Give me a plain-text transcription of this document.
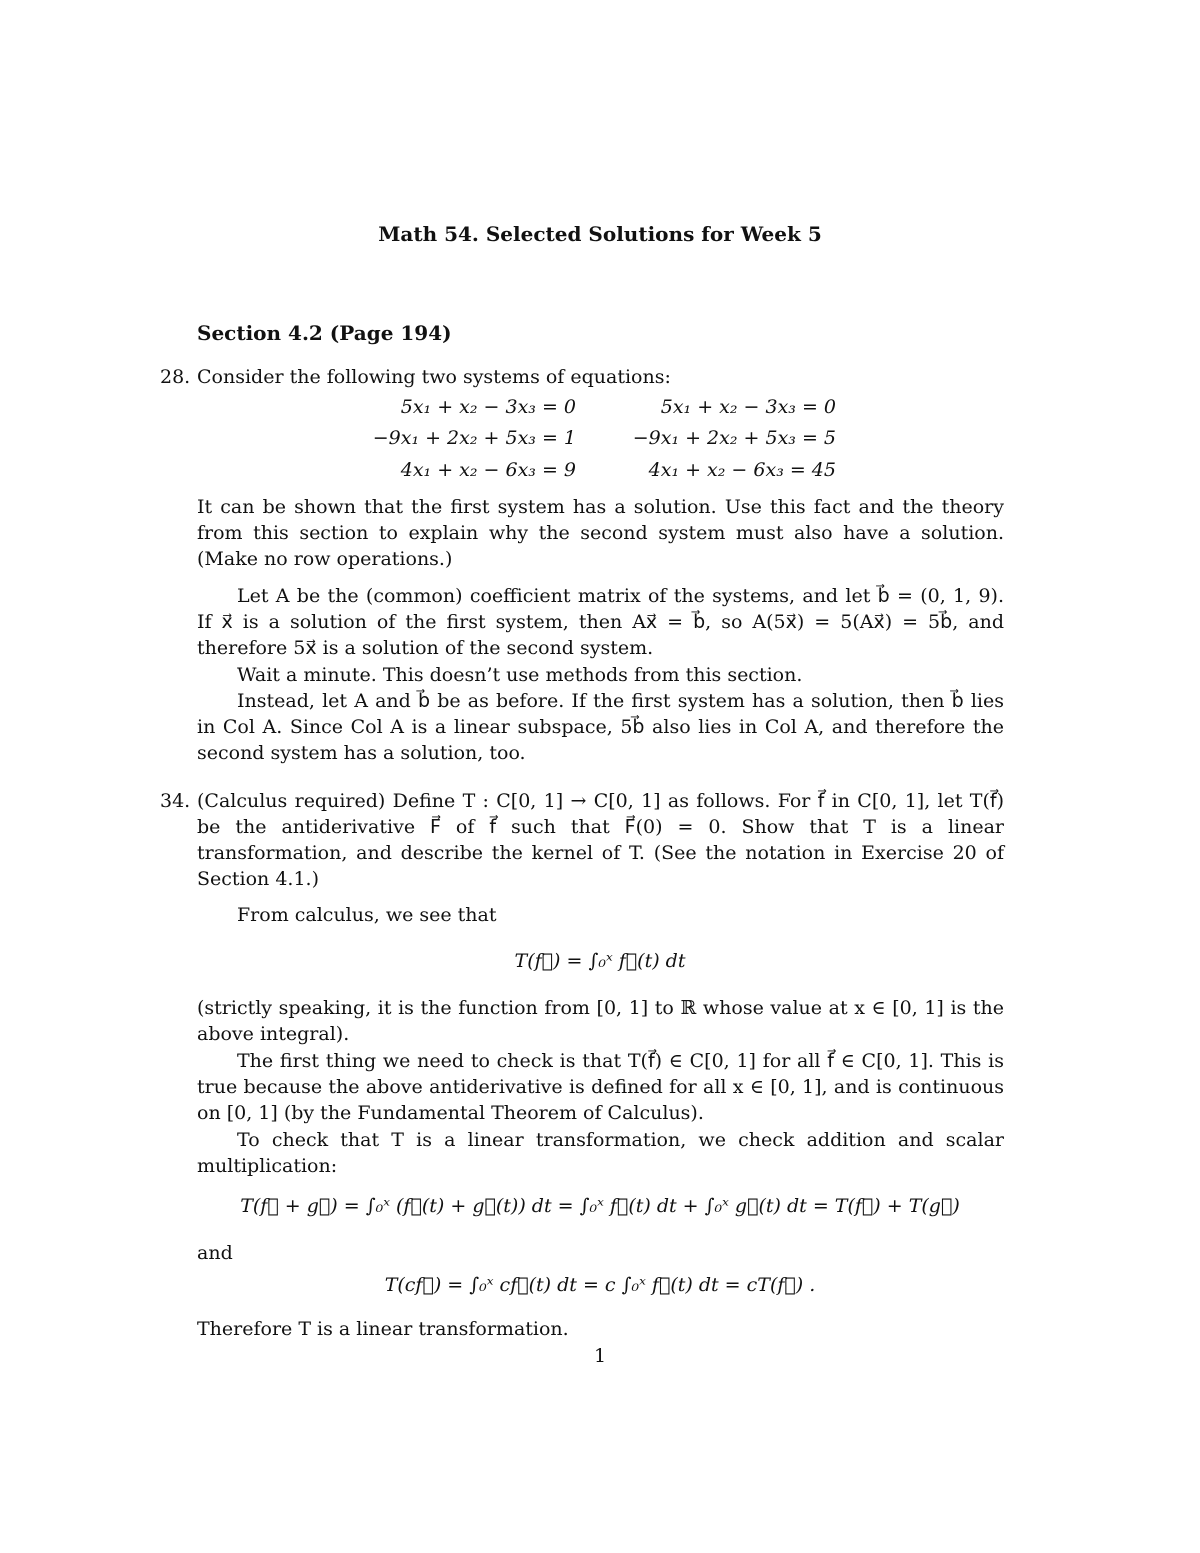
Math 54. Selected Solutions for Week 5
Section 4.2 (Page 194)
28. Consider the following two systems of equations:
5x₁ + x₂ − 3x₃ = 0
−9x₁ + 2x₂ + 5x₃ = 1
4x₁ + x₂ − 6x₃ = 9
5x₁ + x₂ − 3x₃ = 0
−9x₁ + 2x₂ + 5x₃ = 5
4x₁ + x₂ − 6x₃ = 45
It can be shown that the first system has a solution. Use this fact and the theory from this section to explain why the second system must also have a solution. (Make no row operations.)
Let A be the (common) coefficient matrix of the systems, and let b⃗ = (0, 1, 9). If x⃗ is a solution of the first system, then Ax⃗ = b⃗, so A(5x⃗) = 5(Ax⃗) = 5b⃗, and therefore 5x⃗ is a solution of the second system.
Wait a minute. This doesn’t use methods from this section.
Instead, let A and b⃗ be as before. If the first system has a solution, then b⃗ lies in Col A. Since Col A is a linear subspace, 5b⃗ also lies in Col A, and therefore the second system has a solution, too.
34. (Calculus required) Define T : C[0, 1] → C[0, 1] as follows. For f⃗ in C[0, 1], let T(f⃗) be the antiderivative F⃗ of f⃗ such that F⃗(0) = 0. Show that T is a linear transformation, and describe the kernel of T. (See the notation in Exercise 20 of Section 4.1.)
From calculus, we see that
T(f⃗) = ∫₀ˣ f⃗(t) dt
(strictly speaking, it is the function from [0, 1] to ℝ whose value at x ∈ [0, 1] is the above integral).
The first thing we need to check is that T(f⃗) ∈ C[0, 1] for all f⃗ ∈ C[0, 1]. This is true because the above antiderivative is defined for all x ∈ [0, 1], and is continuous on [0, 1] (by the Fundamental Theorem of Calculus).
To check that T is a linear transformation, we check addition and scalar multiplication:
T(f⃗ + g⃗) = ∫₀ˣ (f⃗(t) + g⃗(t)) dt = ∫₀ˣ f⃗(t) dt + ∫₀ˣ g⃗(t) dt = T(f⃗) + T(g⃗)
and
T(cf⃗) = ∫₀ˣ cf⃗(t) dt = c ∫₀ˣ f⃗(t) dt = cT(f⃗) .
Therefore T is a linear transformation.
1
